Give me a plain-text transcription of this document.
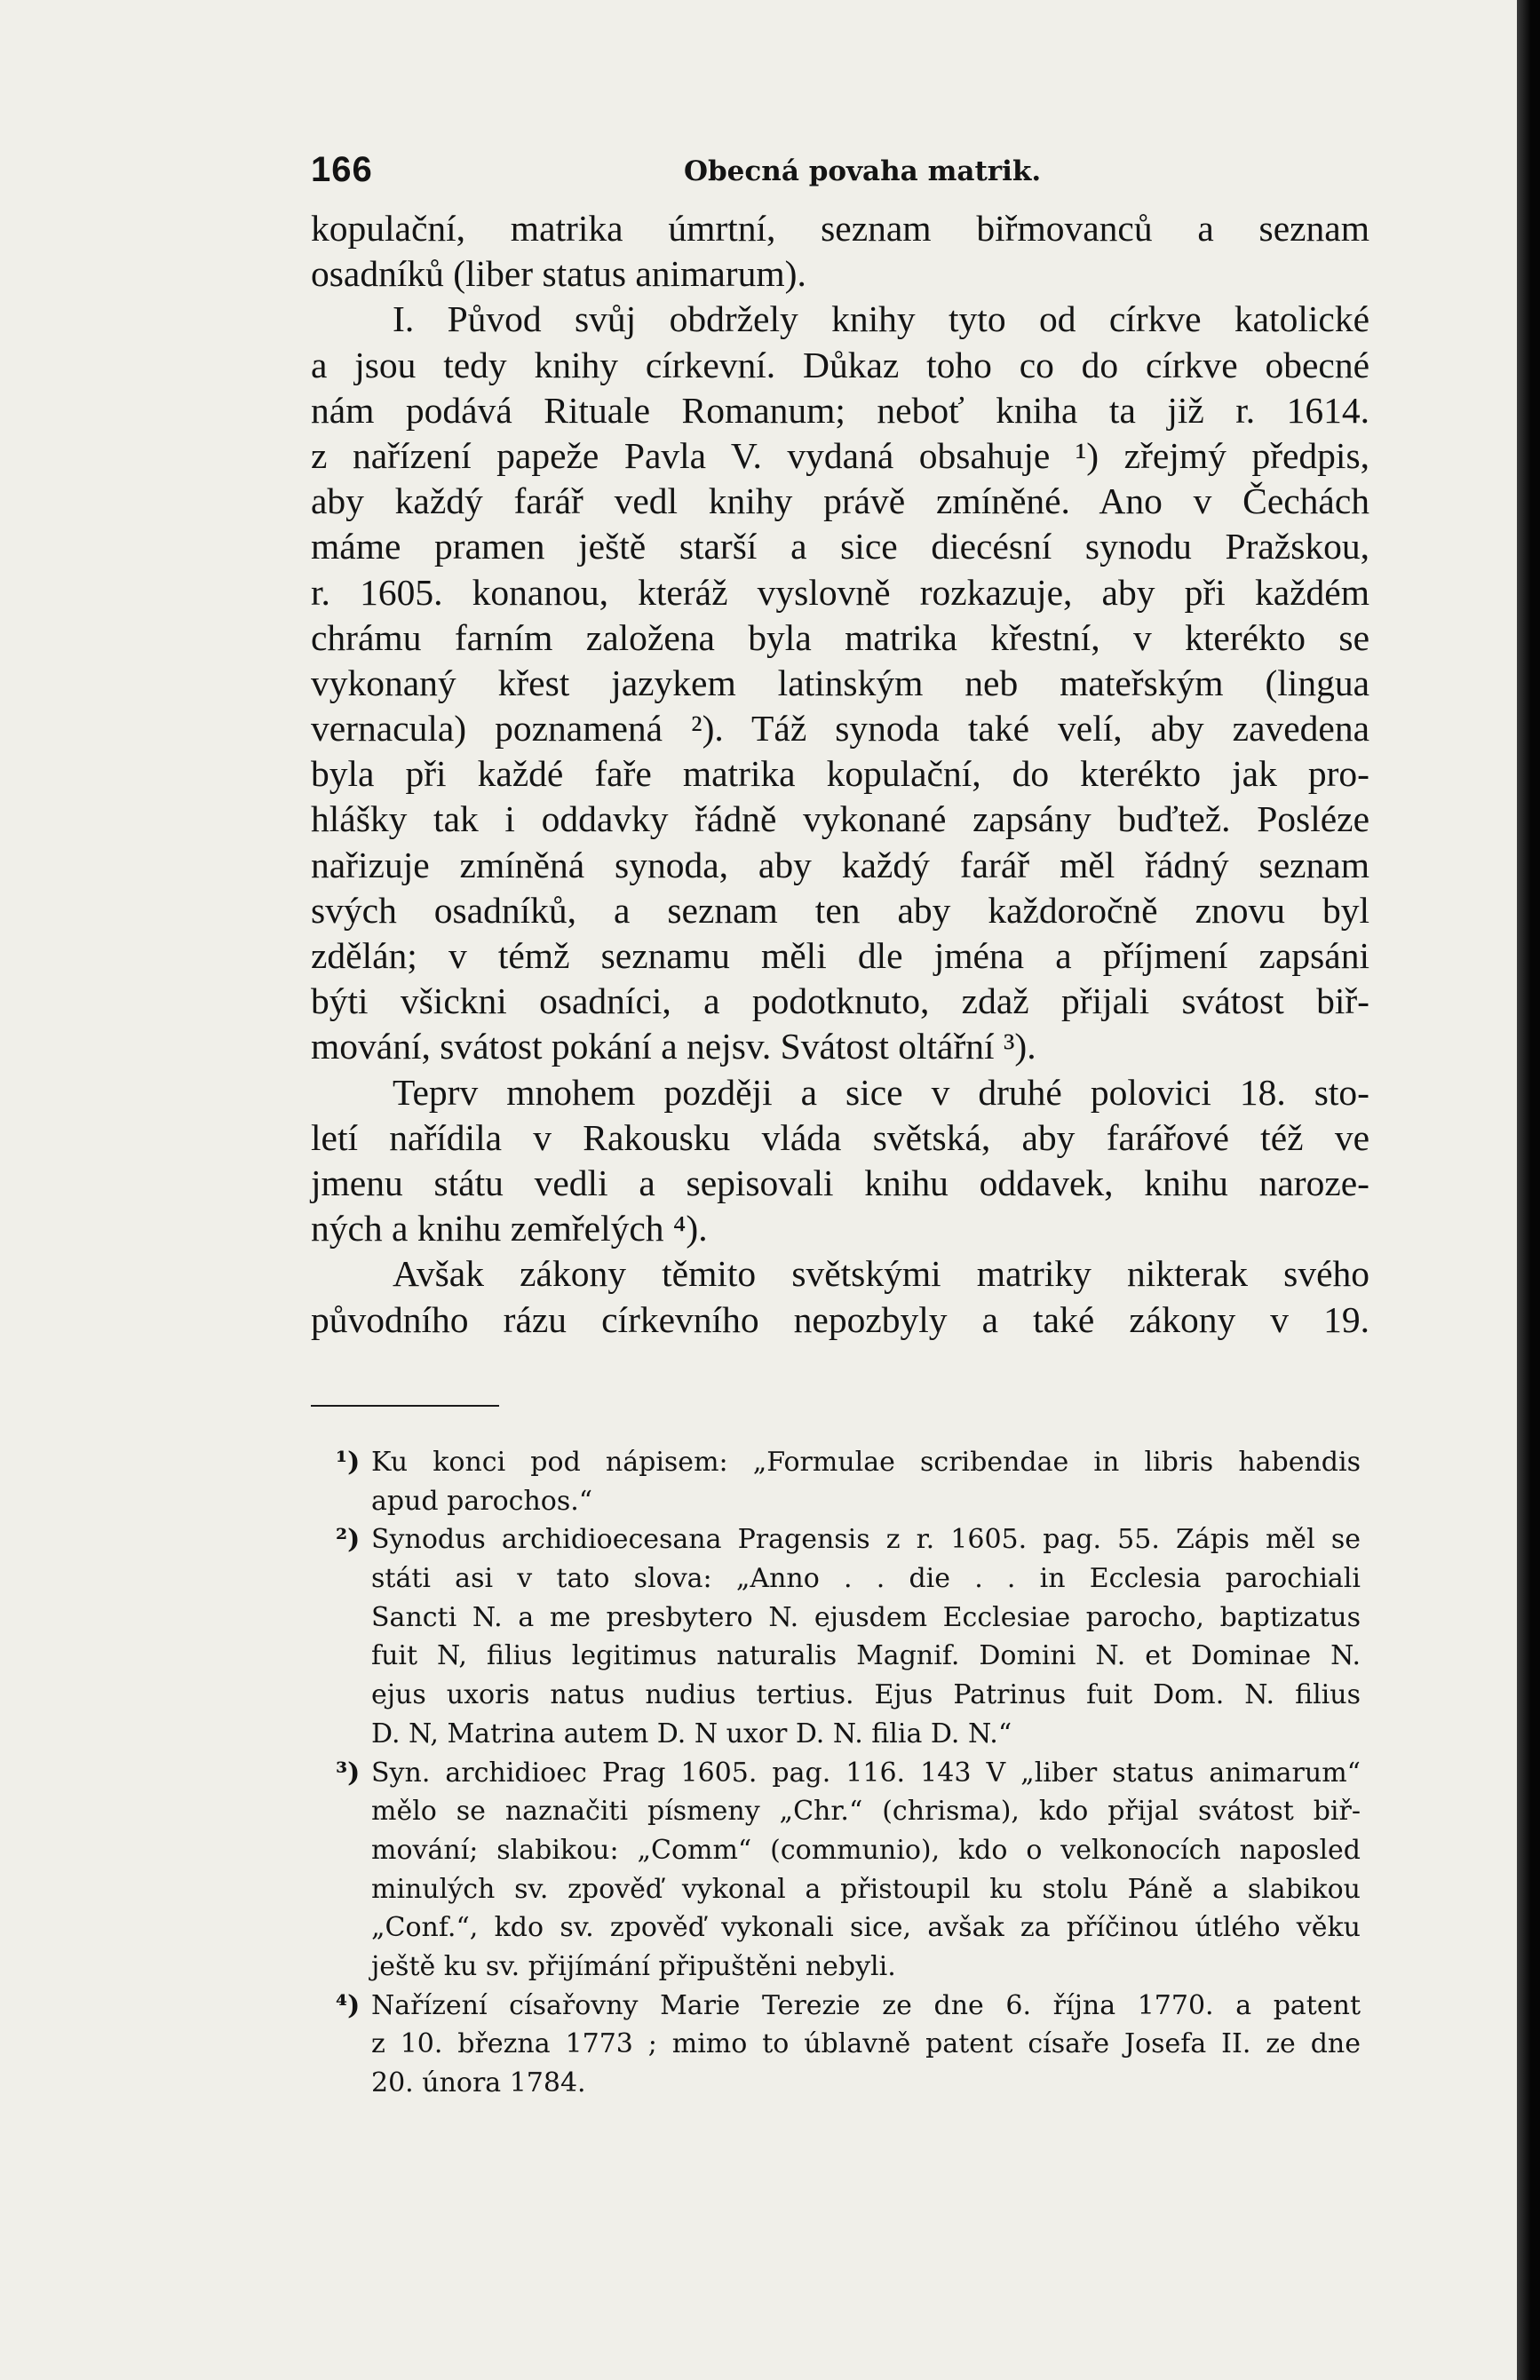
166	Obecná povaha matrik.
kopulační, matrika úmrtní, seznam biřmovanců a seznam
osadníků (liber status animarum).
I. Původ svůj obdržely knihy tyto od církve katolické
a jsou tedy knihy církevní. Důkaz toho co do církve obecné
nám podává Rituale Romanum; neboť kniha ta již r. 1614.
z nařízení papeže Pavla V. vydaná obsahuje ¹) zřejmý předpis,
aby každý farář vedl knihy právě zmíněné. Ano v Čechách
máme pramen ještě starší a sice diecésní synodu Pražskou,
r. 1605. konanou, kteráž vyslovně rozkazuje, aby při každém
chrámu farním založena byla matrika křestní, v kterékto se
vykonaný křest jazykem latinským neb mateřským (lingua
vernacula) poznamená ²). Táž synoda také velí, aby zavedena
byla při každé faře matrika kopulační, do kterékto jak pro-
hlášky tak i oddavky řádně vykonané zapsány buďtež. Posléze
nařizuje zmíněná synoda, aby každý farář měl řádný seznam
svých osadníků, a seznam ten aby každoročně znovu byl
zdělán; v témž seznamu měli dle jména a příjmení zapsáni
býti všickni osadníci, a podotknuto, zdaž přijali svátost biř-
mování, svátost pokání a nejsv. Svátost oltářní ³).
Teprv mnohem později a sice v druhé polovici 18. sto-
letí nařídila v Rakousku vláda světská, aby farářové též ve
jmenu státu vedli a sepisovali knihu oddavek, knihu naroze-
ných a knihu zemřelých ⁴).
Avšak zákony těmito světskými matriky nikterak svého
původního rázu církevního nepozbyly a také zákony v 19.
¹) Ku konci pod nápisem: „Formulae scribendae in libris habendis
apud parochos.“
²) Synodus archidioecesana Pragensis z r. 1605. pag. 55. Zápis měl se
státi asi v tato slova: „Anno . . die . . in Ecclesia parochiali
Sancti N. a me presbytero N. ejusdem Ecclesiae parocho, baptizatus
fuit N, filius legitimus naturalis Magnif. Domini N. et Dominae N.
ejus uxoris natus nudius tertius. Ejus Patrinus fuit Dom. N. filius
D. N, Matrina autem D. N uxor D. N. filia D. N.“
³) Syn. archidioec Prag 1605. pag. 116. 143 V „liber status animarum“
mělo se naznačiti písmeny „Chr.“ (chrisma), kdo přijal svátost biř-
mování; slabikou: „Comm“ (communio), kdo o velkonocích naposled
minulých sv. zpověď vykonal a přistoupil ku stolu Páně a slabikou
„Conf.“, kdo sv. zpověď vykonali sice, avšak za příčinou útlého věku
ještě ku sv. přijímání připuštěni nebyli.
⁴) Nařízení císařovny Marie Terezie ze dne 6. října 1770. a patent
z 10. března 1773 ; mimo to úblavně patent císaře Josefa II. ze dne
20. února 1784.
